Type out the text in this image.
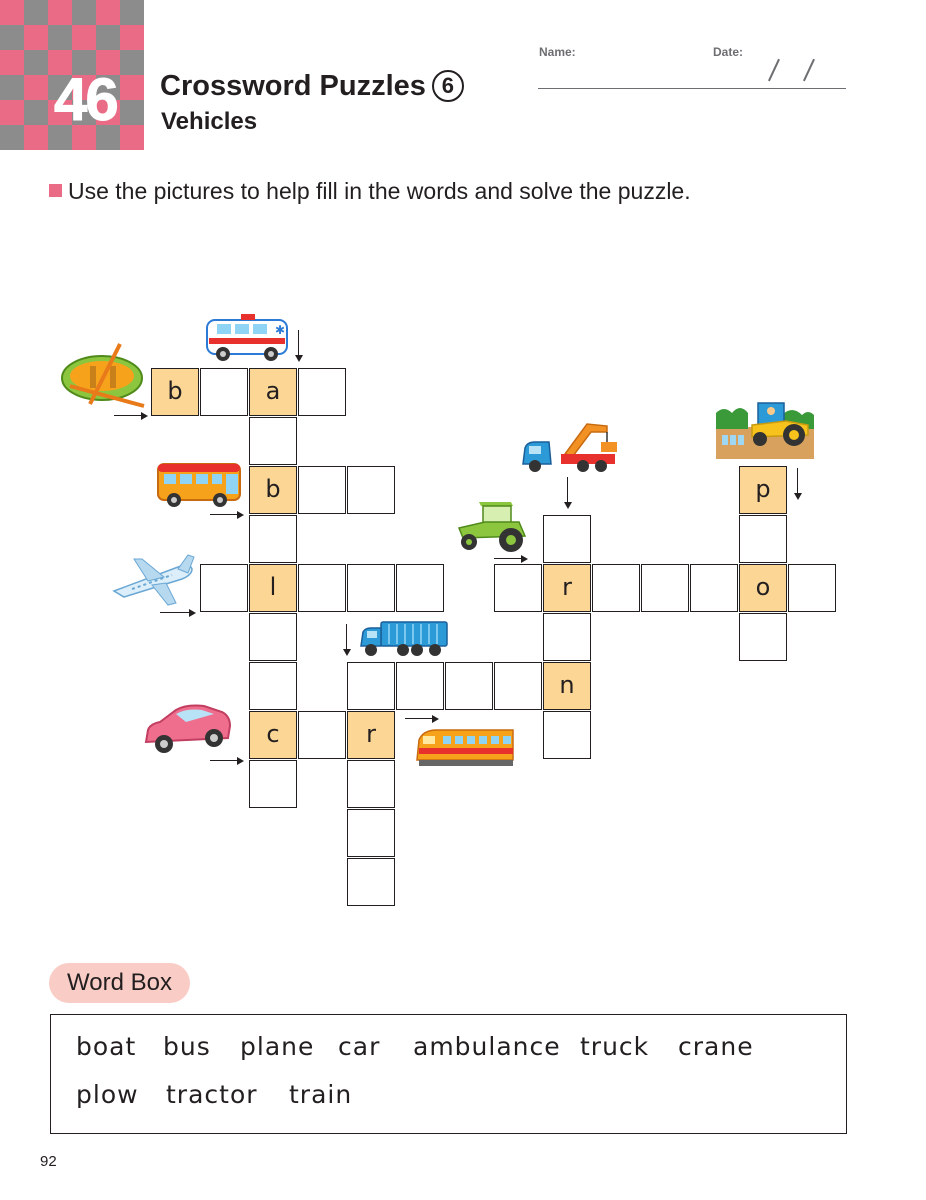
46 Crossword Puzzles 6
Vehicles
Name:	Date:
Use the pictures to help fill in the words and solve the puzzle.
b	a
b
l
c	r
n
r	o
p
✱
Word Box
boat bus plane car ambulance truck crane
plow tractor train
92
